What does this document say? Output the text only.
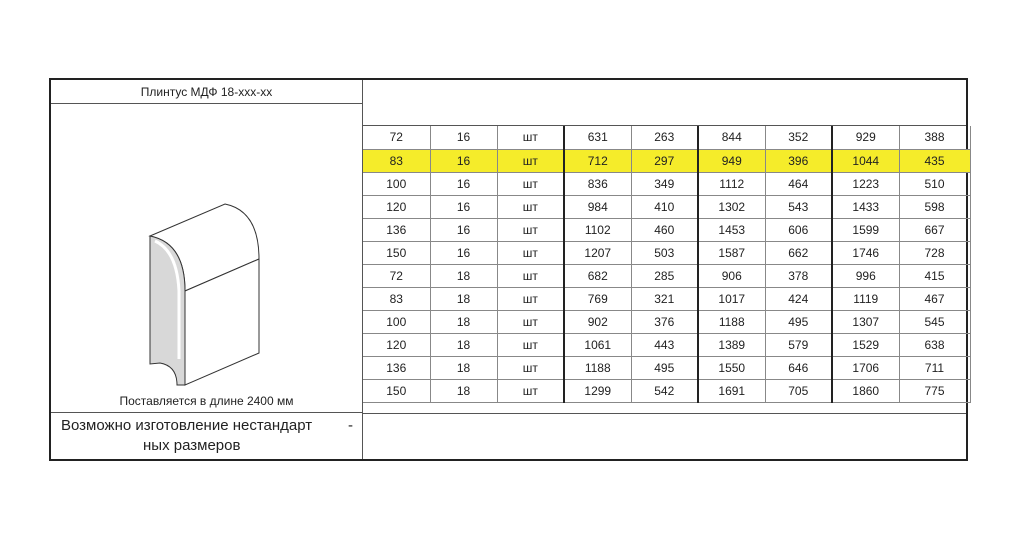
Плинтус МДФ 18-xxx-xx
Поставляется в длине 2400 мм
Возможно изготовление нестандарт -
ных размеров
72	16	шт	631	263	844	352	929	388
83	16	шт	712	297	949	396	1044	435
100	16	шт	836	349	1112	464	1223	510
120	16	шт	984	410	1302	543	1433	598
136	16	шт	1102	460	1453	606	1599	667
150	16	шт	1207	503	1587	662	1746	728
72	18	шт	682	285	906	378	996	415
83	18	шт	769	321	1017	424	1119	467
100	18	шт	902	376	1188	495	1307	545
120	18	шт	1061	443	1389	579	1529	638
136	18	шт	1188	495	1550	646	1706	711
150	18	шт	1299	542	1691	705	1860	775
